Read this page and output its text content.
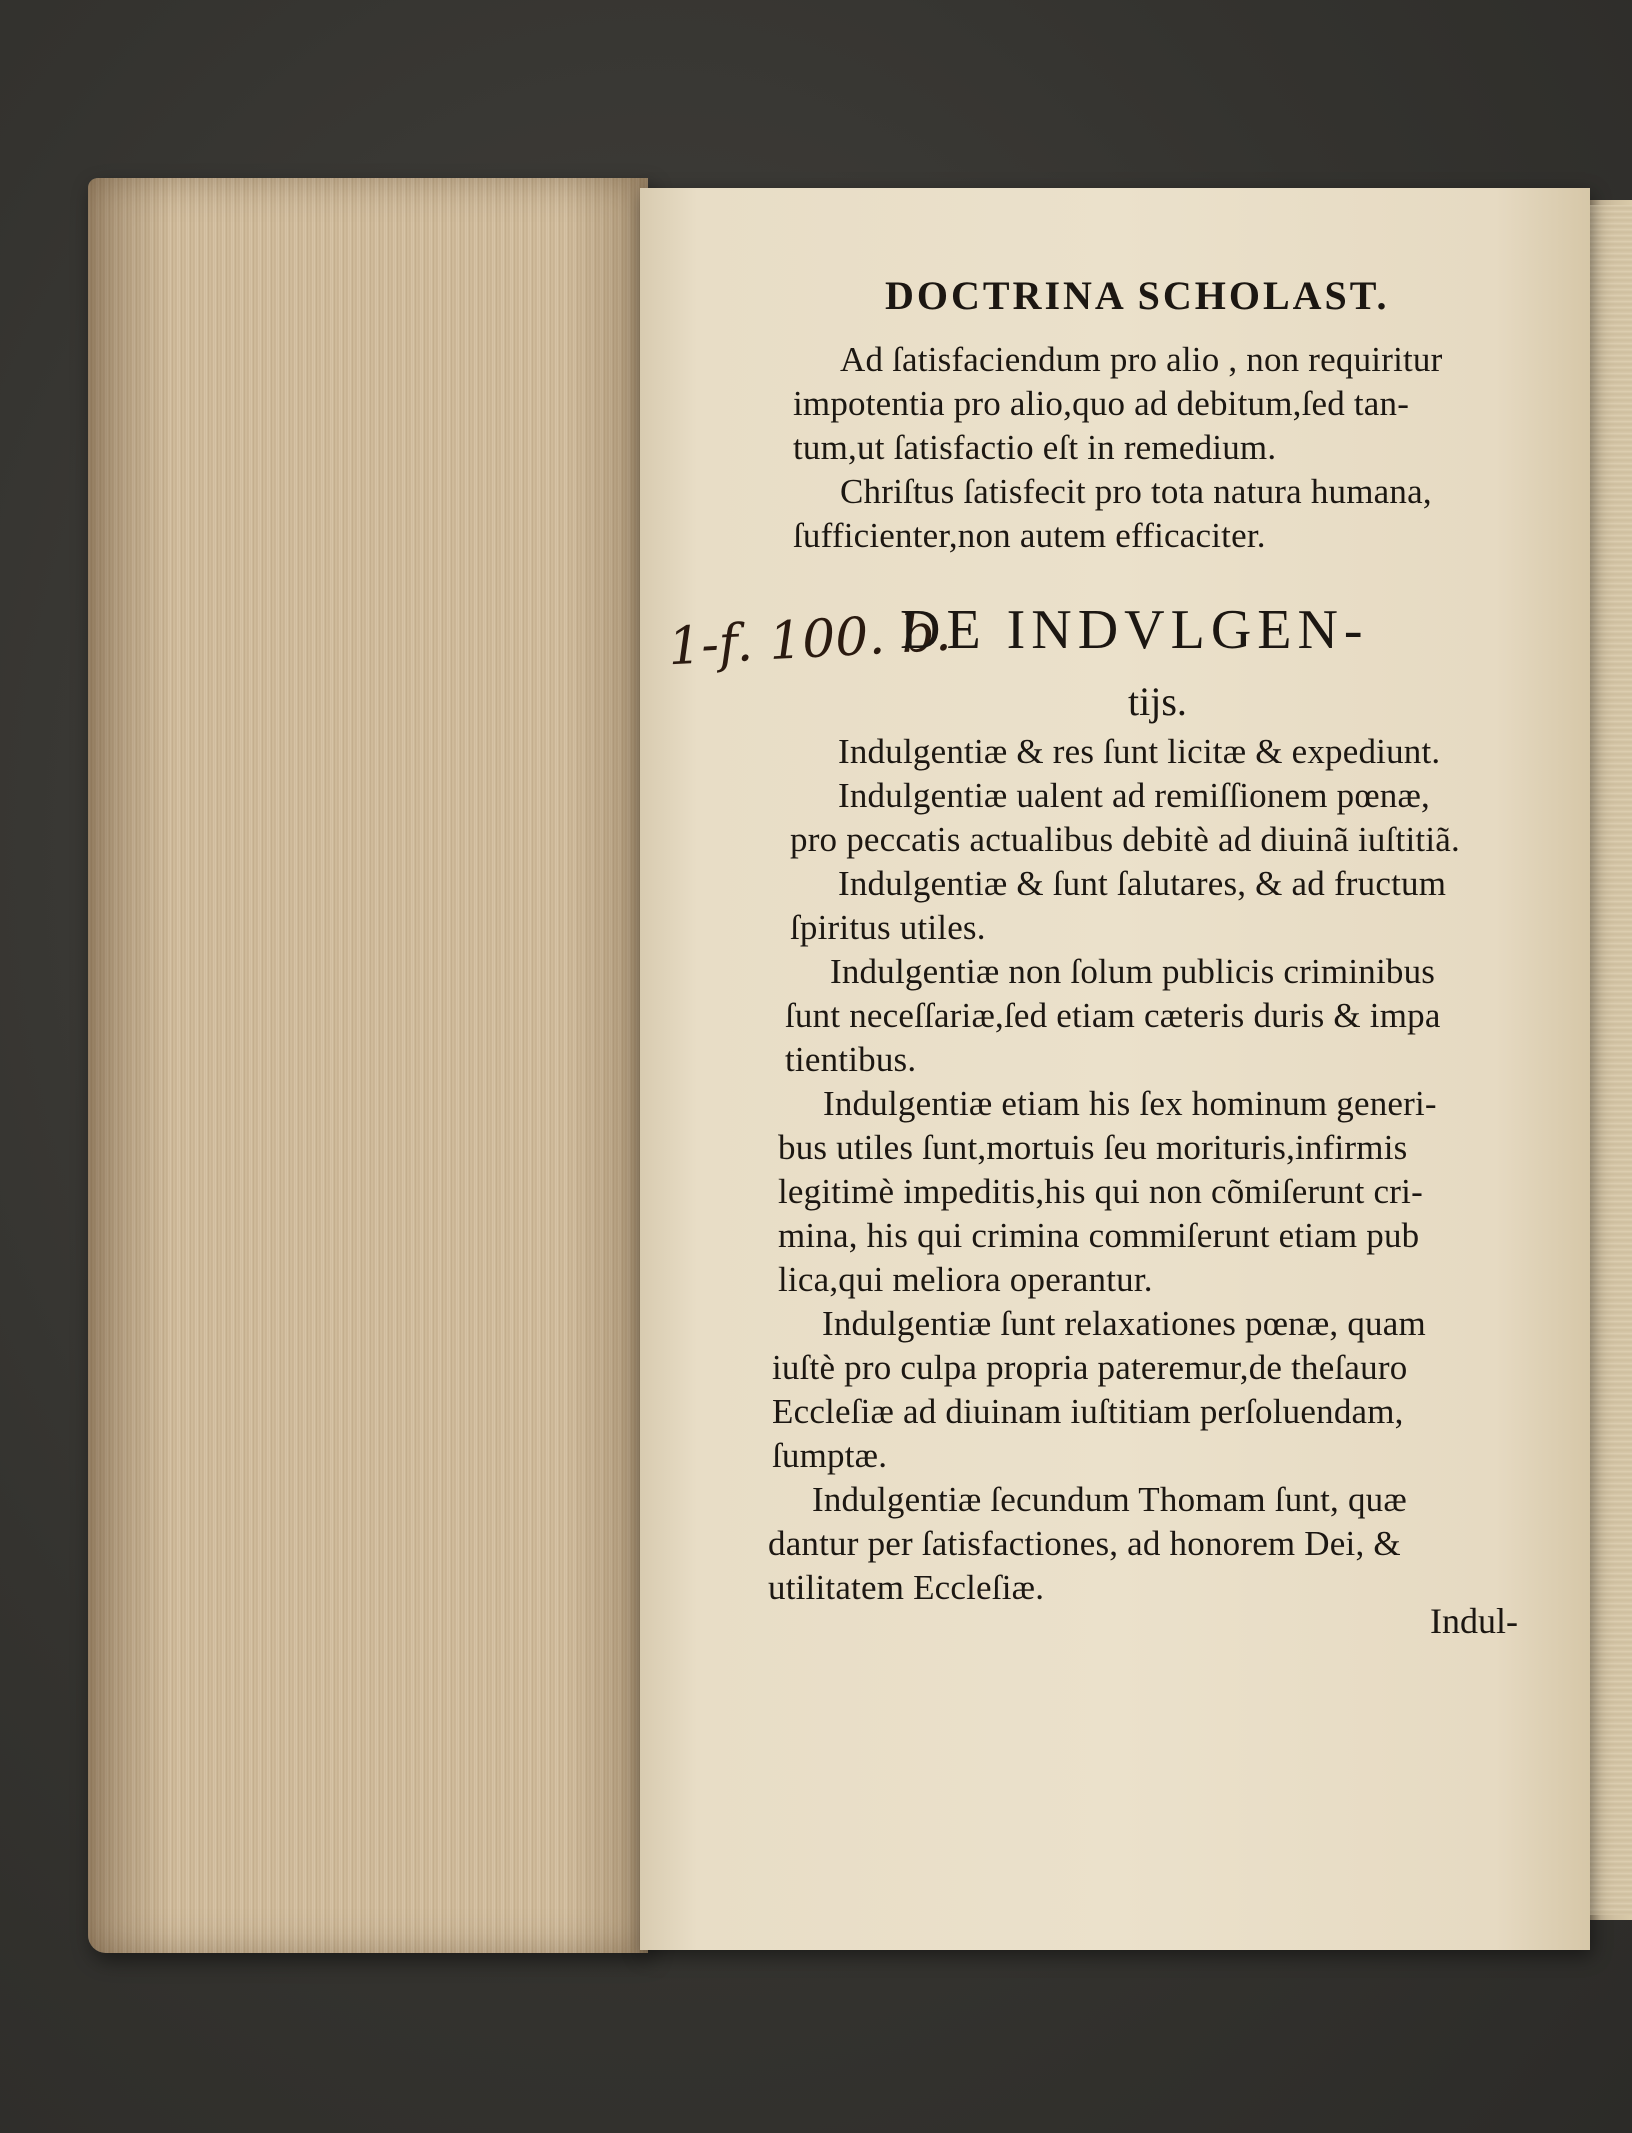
DOCTRINA SCHOLAST.
Ad ſatisfaciendum pro alio , non requiritur
impotentia pro alio,quo ad debitum,ſed tan-
tum,ut ſatisfactio eſt in remedium.
Chriſtus ſatisfecit pro tota natura humana,
ſufficienter,non autem efficaciter.
1-f. 100. b.
DE INDVLGEN-
tijs.
Indulgentiæ & res ſunt licitæ & expediunt.
Indulgentiæ ualent ad remiſſionem pœnæ,
pro peccatis actualibus debitè ad diuinã iuſtitiã.
Indulgentiæ & ſunt ſalutares, & ad fructum
ſpiritus utiles.
Indulgentiæ non ſolum publicis criminibus
ſunt neceſſariæ,ſed etiam cæteris duris & impa
tientibus.
Indulgentiæ etiam his ſex hominum generi-
bus utiles ſunt,mortuis ſeu morituris,infirmis
legitimè impeditis,his qui non cõmiſerunt cri-
mina, his qui crimina commiſerunt etiam pub
lica,qui meliora operantur.
Indulgentiæ ſunt relaxationes pœnæ, quam
iuſtè pro culpa propria pateremur,de theſauro
Eccleſiæ ad diuinam iuſtitiam perſoluendam,
ſumptæ.
Indulgentiæ ſecundum Thomam ſunt, quæ
dantur per ſatisfactiones, ad honorem Dei, &
utilitatem Eccleſiæ.
Indul-
